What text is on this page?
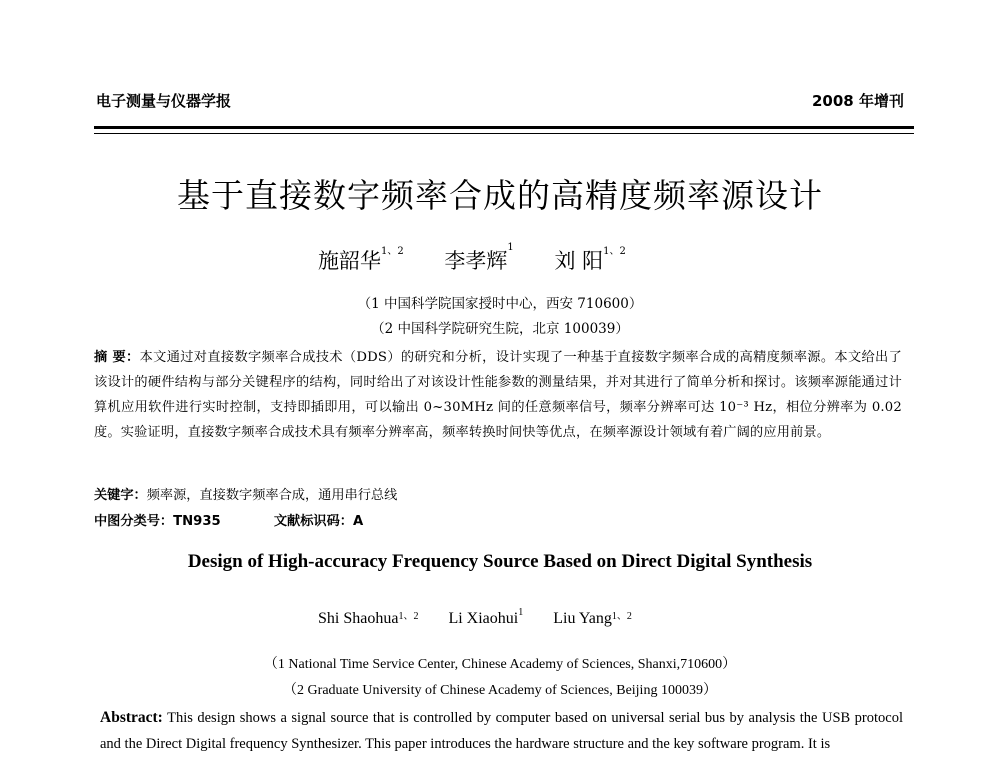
电子测量与仪器学报	2008 年增刊
基于直接数字频率合成的高精度频率源设计
施韶华$^{1、2}$ 李孝辉$^1$ 刘 阳$^{1、2}$
（1 中国科学院国家授时中心，西安 710600）
（2 中国科学院研究生院，北京 100039）
摘 要：本文通过对直接数字频率合成技术（DDS）的研究和分析，设计实现了一种基于直接数字频率合成的高精度频率源。本文给出了该设计的硬件结构与部分关键程序的结构，同时给出了对该设计性能参数的测量结果，并对其进行了简单分析和探讨。该频率源能通过计算机应用软件进行实时控制，支持即插即用，可以输出 0~30MHz 间的任意频率信号，频率分辨率可达 10⁻³ Hz，相位分辨率为 0.02 度。实验证明，直接数字频率合成技术具有频率分辨率高，频率转换时间快等优点，在频率源设计领域有着广阔的应用前景。
关键字：频率源，直接数字频率合成，通用串行总线
中图分类号：TN935	文献标识码：A
Design of High-accuracy Frequency Source Based on Direct Digital Synthesis
Shi Shaohua$^{1、2}$ Li Xiaohui$^1$ Liu Yang$^{1、2}$
（1 National Time Service Center, Chinese Academy of Sciences, Shanxi,710600）
（2 Graduate University of Chinese Academy of Sciences, Beijing 100039）
Abstract: This design shows a signal source that is controlled by computer based on universal serial bus by analysis the USB protocol and the Direct Digital frequency Synthesizer. This paper introduces the hardware structure and the key software program. It is
